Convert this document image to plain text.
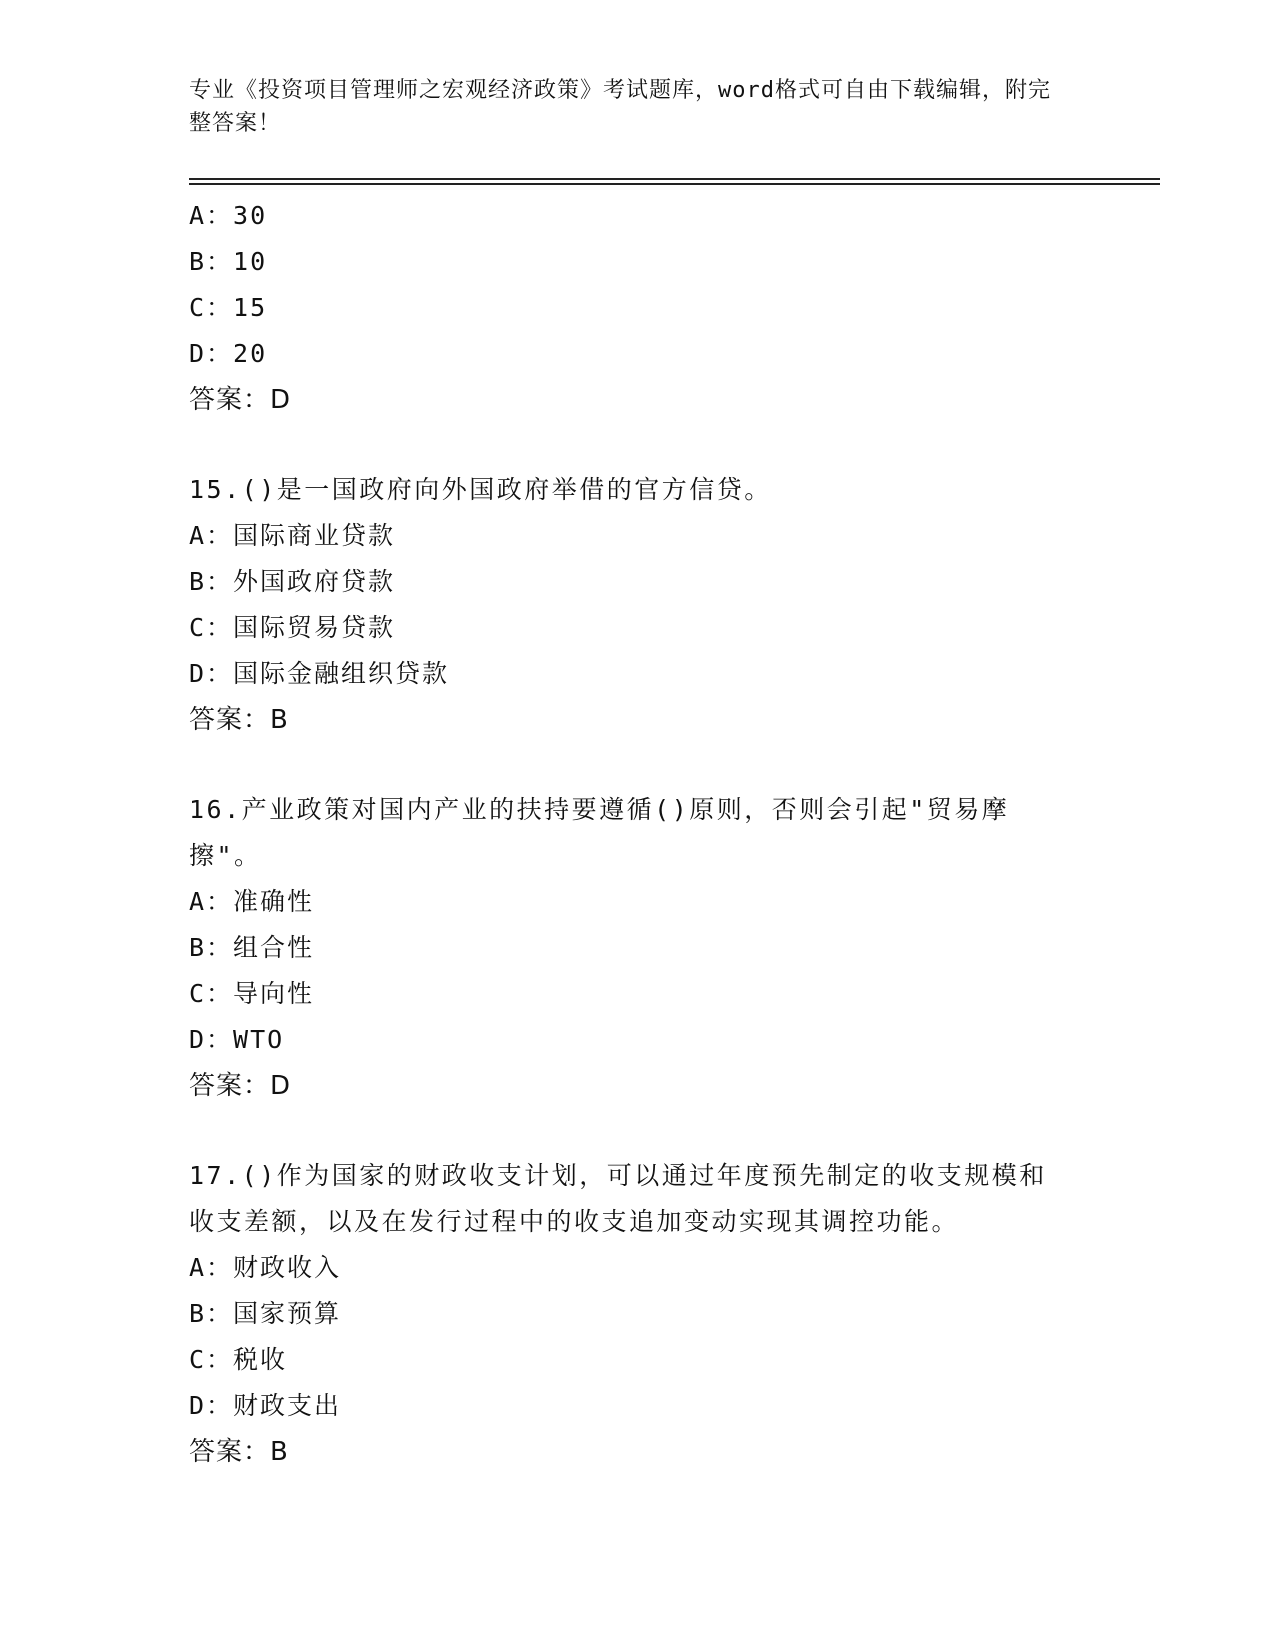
专业《投资项目管理师之宏观经济政策》考试题库，word格式可自由下载编辑，附完整答案！
A：30
B：10
C：15
D：20
答案：D
15.()是一国政府向外国政府举借的官方信贷。
A：国际商业贷款
B：外国政府贷款
C：国际贸易贷款
D：国际金融组织贷款
答案：B
16.产业政策对国内产业的扶持要遵循()原则，否则会引起"贸易摩擦"。
A：准确性
B：组合性
C：导向性
D：WTO
答案：D
17.()作为国家的财政收支计划，可以通过年度预先制定的收支规模和收支差额，以及在发行过程中的收支追加变动实现其调控功能。
A：财政收入
B：国家预算
C：税收
D：财政支出
答案：B
